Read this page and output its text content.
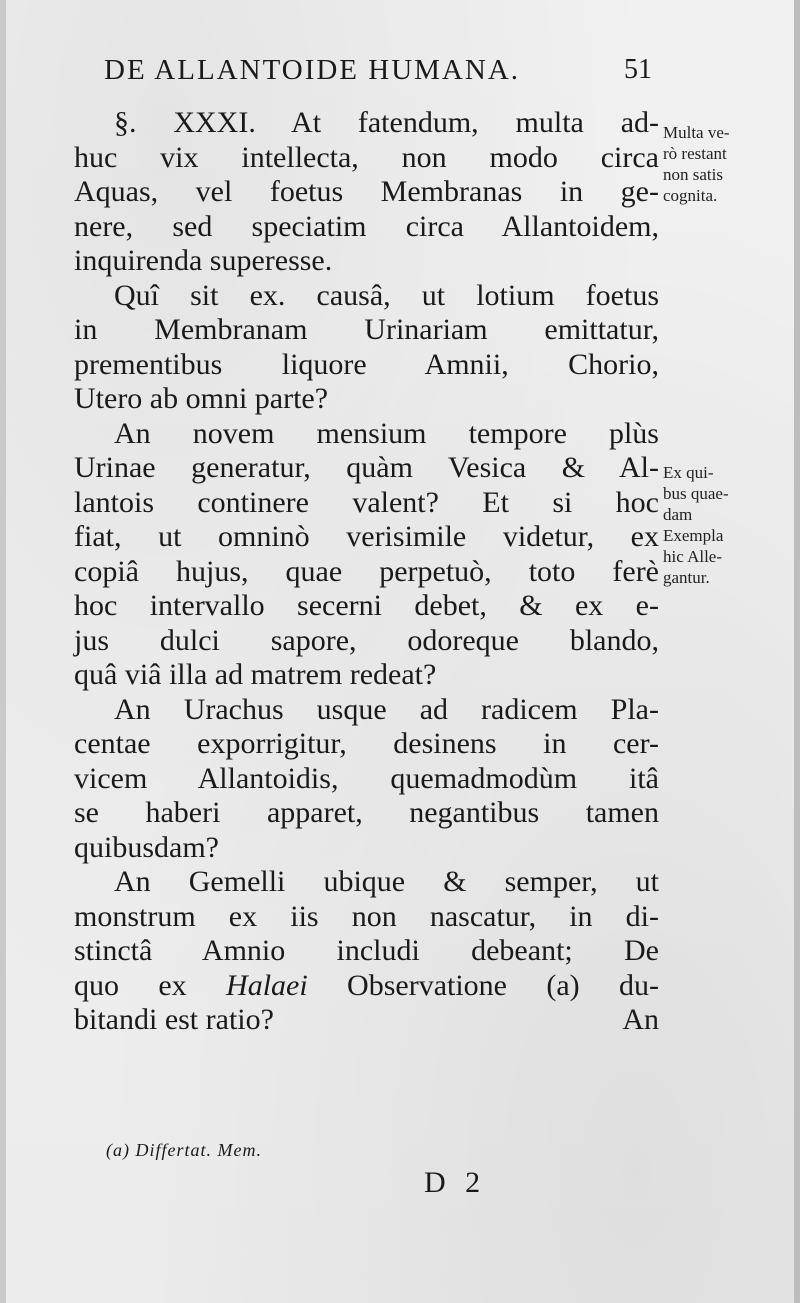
DE ALLANTOIDE HUMANA.	51
§. XXXI. At fatendum, multa ad-
huc vix intellecta, non modo circa
Aquas, vel foetus Membranas in ge-
nere, sed speciatim circa Allantoidem,
inquirenda superesse.
Quî sit ex. causâ, ut lotium foetus
in Membranam Urinariam emittatur,
prementibus liquore Amnii, Chorio,
Utero ab omni parte?
An novem mensium tempore plùs
Urinae generatur, quàm Vesica & Al-
lantois continere valent? Et si hoc
fiat, ut omninò verisimile videtur, ex
copiâ hujus, quae perpetuò, toto ferè
hoc intervallo secerni debet, & ex e-
jus dulci sapore, odoreque blando,
quâ viâ illa ad matrem redeat?
An Urachus usque ad radicem Pla-
centae exporrigitur, desinens in cer-
vicem Allantoidis, quemadmodùm itâ
se haberi apparet, negantibus tamen
quibusdam?
An Gemelli ubique & semper, ut
monstrum ex iis non nascatur, in di-
stinctâ Amnio includi debeant; De
quo ex Halaei Observatione (a) du-
bitandi est ratio?	An
Multa ve-
rò restant
non satis
cognita.
Ex qui-
bus quae-
dam
Exempla
hic Alle-
gantur.
(a) Differtat. Mem.
D 2
